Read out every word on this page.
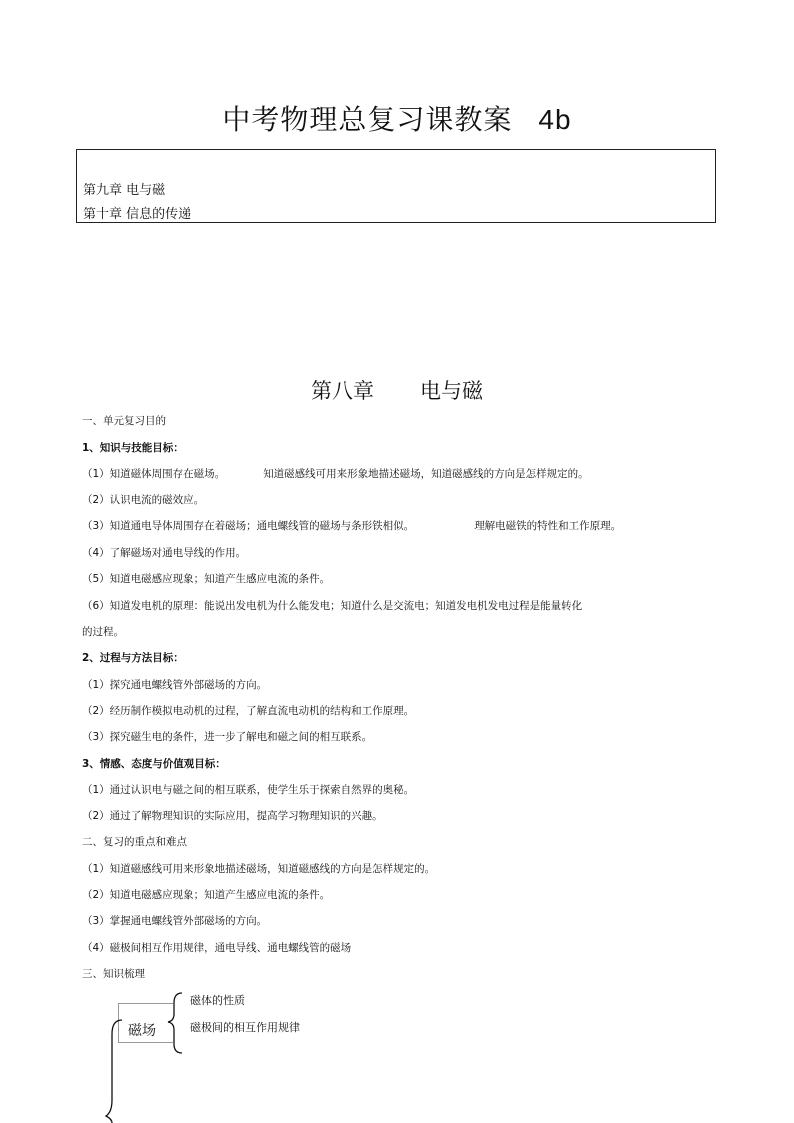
中考物理总复习课教案 4b
第九章 电与磁
第十章 信息的传递
第八章 电与磁
一、单元复习目的
1、知识与技能目标：
（1）知道磁体周围存在磁场。	知道磁感线可用来形象地描述磁场，知道磁感线的方向是怎样规定的。
（2）认识电流的磁效应。
（3）知道通电导体周围存在着磁场；通电螺线管的磁场与条形铁相似。	理解电磁铁的特性和工作原理。
（4）了解磁场对通电导线的作用。
（5）知道电磁感应现象；知道产生感应电流的条件。
（6）知道发电机的原理：能说出发电机为什么能发电；知道什么是交流电；知道发电机发电过程是能量转化
的过程。
2、过程与方法目标：
（1）探究通电螺线管外部磁场的方向。
（2）经历制作模拟电动机的过程，了解直流电动机的结构和工作原理。
（3）探究磁生电的条件，进一步了解电和磁之间的相互联系。
3、情感、态度与价值观目标：
（1）通过认识电与磁之间的相互联系，使学生乐于探索自然界的奥秘。
（2）通过了解物理知识的实际应用，提高学习物理知识的兴趣。
二、复习的重点和难点
（1）知道磁感线可用来形象地描述磁场，知道磁感线的方向是怎样规定的。
（2）知道电磁感应现象；知道产生感应电流的条件。
（3）掌握通电螺线管外部磁场的方向。
（4）磁极间相互作用规律，通电导线、通电螺线管的磁场
三、知识梳理
磁场
磁体的性质
磁极间的相互作用规律
